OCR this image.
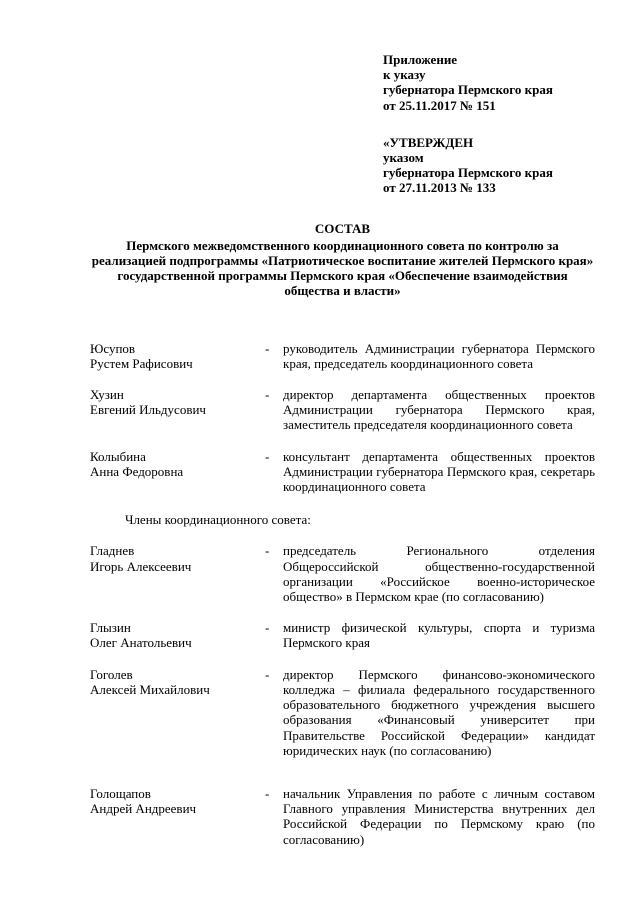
Приложение
к указу
губернатора Пермского края
от 25.11.2017 № 151
«УТВЕРЖДЕН
указом
губернатора Пермского края
от 27.11.2013 № 133
СОСТАВ
Пермского межведомственного координационного совета по контролю за реализацией подпрограммы «Патриотическое воспитание жителей Пермского края» государственной программы Пермского края «Обеспечение взаимодействия общества и власти»
Юсупов
Рустем Рафисович
-	руководитель Администрации губернатора Пермского края, председатель координационного совета
Хузин
Евгений Ильдусович
-	директор департамента общественных проектов Администрации губернатора Пермского края, заместитель председателя координационного совета
Колыбина
Анна Федоровна
-	консультант департамента общественных проектов Администрации губернатора Пермского края, секретарь координационного совета
Члены координационного совета:
Гладнев
Игорь Алексеевич
-	председатель Регионального отделения Общероссийской общественно-государственной организации «Российское военно-историческое общество» в Пермском крае (по согласованию)
Глызин
Олег Анатольевич
-	министр физической культуры, спорта и туризма Пермского края
Гоголев
Алексей Михайлович
-	директор Пермского финансово-экономического колледжа – филиала федерального государственного образовательного бюджетного учреждения высшего образования «Финансовый университет при Правительстве Российской Федерации» кандидат юридических наук (по согласованию)
Голощапов
Андрей Андреевич
-	начальник Управления по работе с личным составом Главного управления Министерства внутренних дел Российской Федерации по Пермскому краю (по согласованию)
